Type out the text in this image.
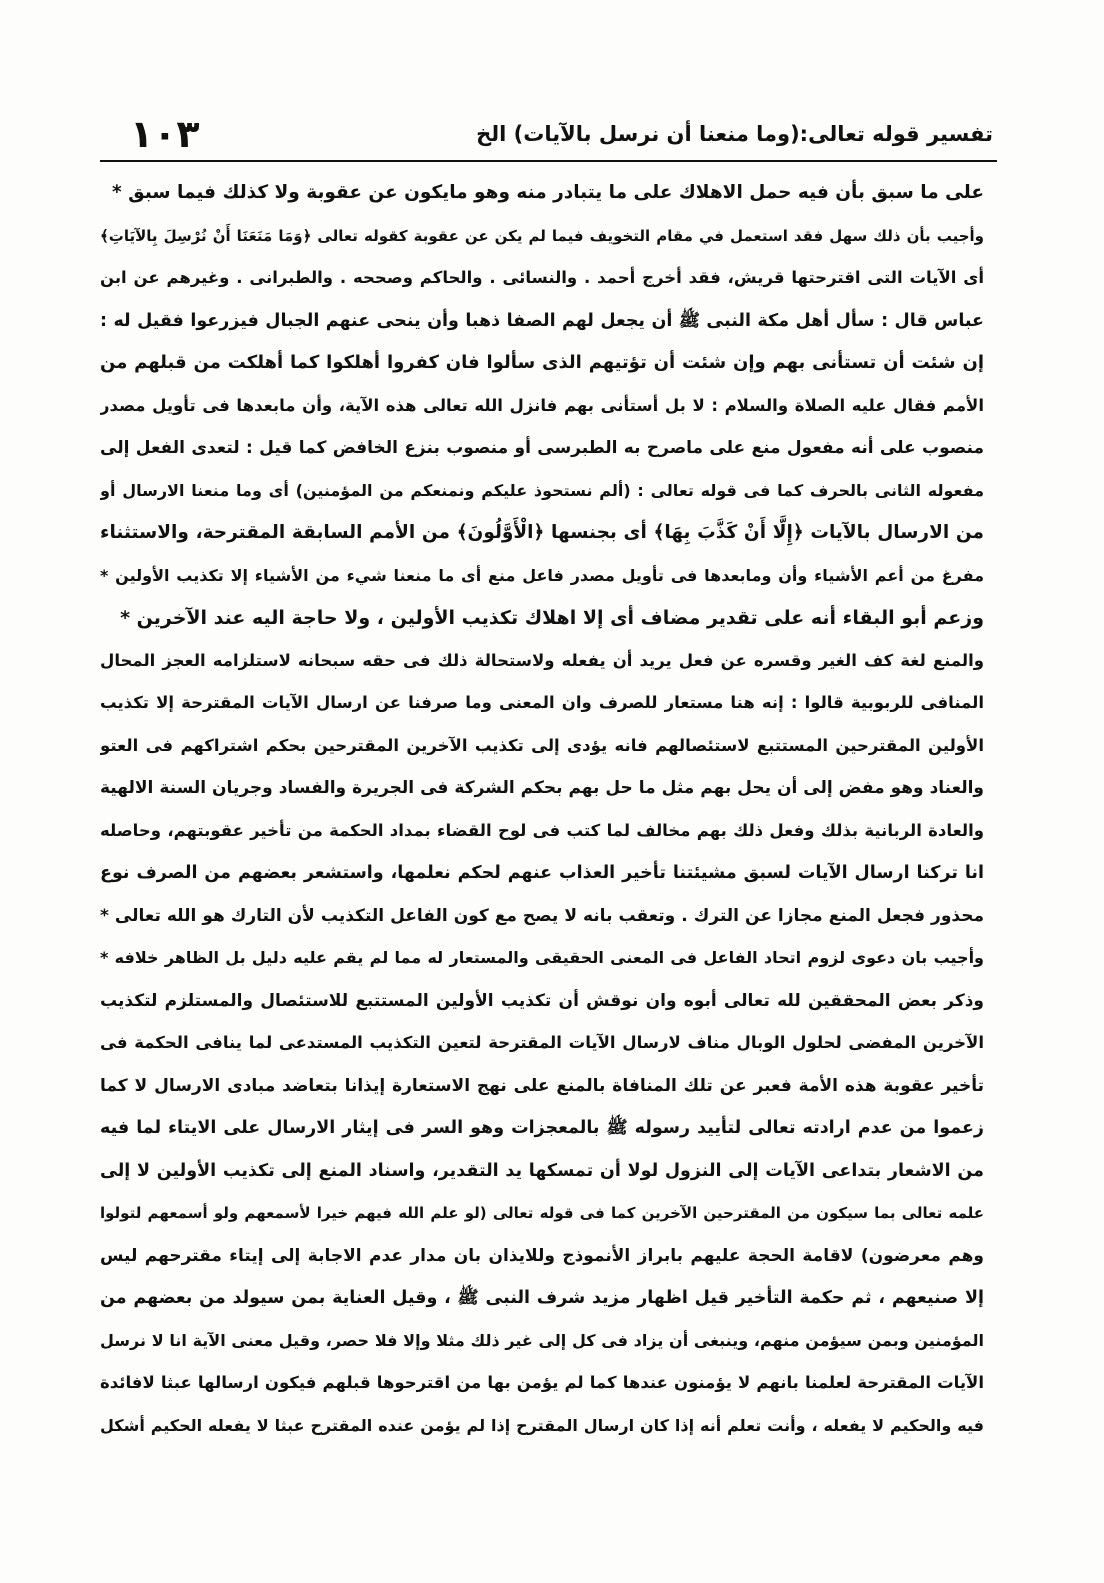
تفسير قوله تعالى:(وما منعنا أن نرسل بالآيات) الخ
١٠٣
على ما سبق بأن فيه حمل الاهلاك على ما يتبادر منه وهو مايكون عن عقوبة ولا كذلك فيما سبق *
وأجيب بأن ذلك سهل فقد استعمل في مقام التخويف فيما لم يكن عن عقوبة كقوله تعالى ﴿وَمَا مَنَعَنَا أَنْ نُرْسِلَ بِالآيَاتِ﴾
أى الآيات التى اقترحتها قريش، فقد أخرج أحمد . والنسائى . والحاكم وصححه . والطبرانى . وغيرهم عن ابن
عباس قال : سأل أهل مكة النبى ﷺ أن يجعل لهم الصفا ذهبا وأن ينحى عنهم الجبال فيزرعوا فقيل له :
إن شئت أن تستأنى بهم وإن شئت أن تؤتيهم الذى سألوا فان كفروا أهلكوا كما أهلكت من قبلهم من
الأمم فقال عليه الصلاة والسلام : لا بل أستأنى بهم فانزل الله تعالى هذه الآية، وأن مابعدها فى تأويل مصدر
منصوب على أنه مفعول منع على ماصرح به الطبرسى أو منصوب بنزع الخافض كما قيل : لتعدى الفعل إلى
مفعوله الثانى بالحرف كما فى قوله تعالى : (ألم نستحوذ عليكم ونمنعكم من المؤمنين) أى وما منعنا الارسال أو
من الارسال بالآيات ﴿إِلَّا أَنْ كَذَّبَ بِهَا﴾ أى بجنسها ﴿الْأَوَّلُونَ﴾ من الأمم السابقة المقترحة، والاستثناء
مفرغ من أعم الأشياء وأن ومابعدها فى تأويل مصدر فاعل منع أى ما منعنا شيء من الأشياء إلا تكذيب الأولين *
وزعم أبو البقاء أنه على تقدير مضاف أى إلا اهلاك تكذيب الأولين ، ولا حاجة اليه عند الآخرين *
والمنع لغة كف الغير وقسره عن فعل يريد أن يفعله ولاستحالة ذلك فى حقه سبحانه لاستلزامه العجز المحال
المنافى للربوبية قالوا : إنه هنا مستعار للصرف وان المعنى وما صرفنا عن ارسال الآيات المقترحة إلا تكذيب
الأولين المقترحين المستتبع لاستئصالهم فانه يؤدى إلى تكذيب الآخرين المقترحين بحكم اشتراكهم فى العتو
والعناد وهو مفض إلى أن يحل بهم مثل ما حل بهم بحكم الشركة فى الجريرة والفساد وجريان السنة الالهية
والعادة الربانية بذلك وفعل ذلك بهم مخالف لما كتب فى لوح القضاء بمداد الحكمة من تأخير عقوبتهم، وحاصله
انا تركنا ارسال الآيات لسبق مشيئتنا تأخير العذاب عنهم لحكم نعلمها، واستشعر بعضهم من الصرف نوع
محذور فجعل المنع مجازا عن الترك . وتعقب بانه لا يصح مع كون الفاعل التكذيب لأن التارك هو الله تعالى *
وأجيب بان دعوى لزوم اتحاد الفاعل فى المعنى الحقيقى والمستعار له مما لم يقم عليه دليل بل الظاهر خلافه *
وذكر بعض المحققين لله تعالى أبوه وان نوقش أن تكذيب الأولين المستتبع للاستئصال والمستلزم لتكذيب
الآخرين المفضى لحلول الوبال مناف لارسال الآيات المقترحة لتعين التكذيب المستدعى لما ينافى الحكمة فى
تأخير عقوبة هذه الأمة فعبر عن تلك المنافاة بالمنع على نهج الاستعارة إيذانا بتعاضد مبادى الارسال لا كما
زعموا من عدم ارادته تعالى لتأييد رسوله ﷺ بالمعجزات وهو السر فى إيثار الارسال على الايتاء لما فيه
من الاشعار بتداعى الآيات إلى النزول لولا أن تمسكها يد التقدير، واسناد المنع إلى تكذيب الأولين لا إلى
علمه تعالى بما سيكون من المقترحين الآخرين كما فى قوله تعالى (لو علم الله فيهم خيرا لأسمعهم ولو أسمعهم لتولوا
وهم معرضون) لاقامة الحجة عليهم بابراز الأنموذج وللايذان بان مدار عدم الاجابة إلى إيتاء مقترحهم ليس
إلا صنيعهم ، ثم حكمة التأخير قيل اظهار مزيد شرف النبى ﷺ ، وقيل العناية بمن سيولد من بعضهم من
المؤمنين وبمن سيؤمن منهم، وينبغى أن يزاد فى كل إلى غير ذلك مثلا وإلا فلا حصر، وقيل معنى الآية انا لا نرسل
الآيات المقترحة لعلمنا بانهم لا يؤمنون عندها كما لم يؤمن بها من اقترحوها قبلهم فيكون ارسالها عبثا لافائدة
فيه والحكيم لا يفعله ، وأنت تعلم أنه إذا كان ارسال المقترح إذا لم يؤمن عنده المقترح عبثا لا يفعله الحكيم أشكل
